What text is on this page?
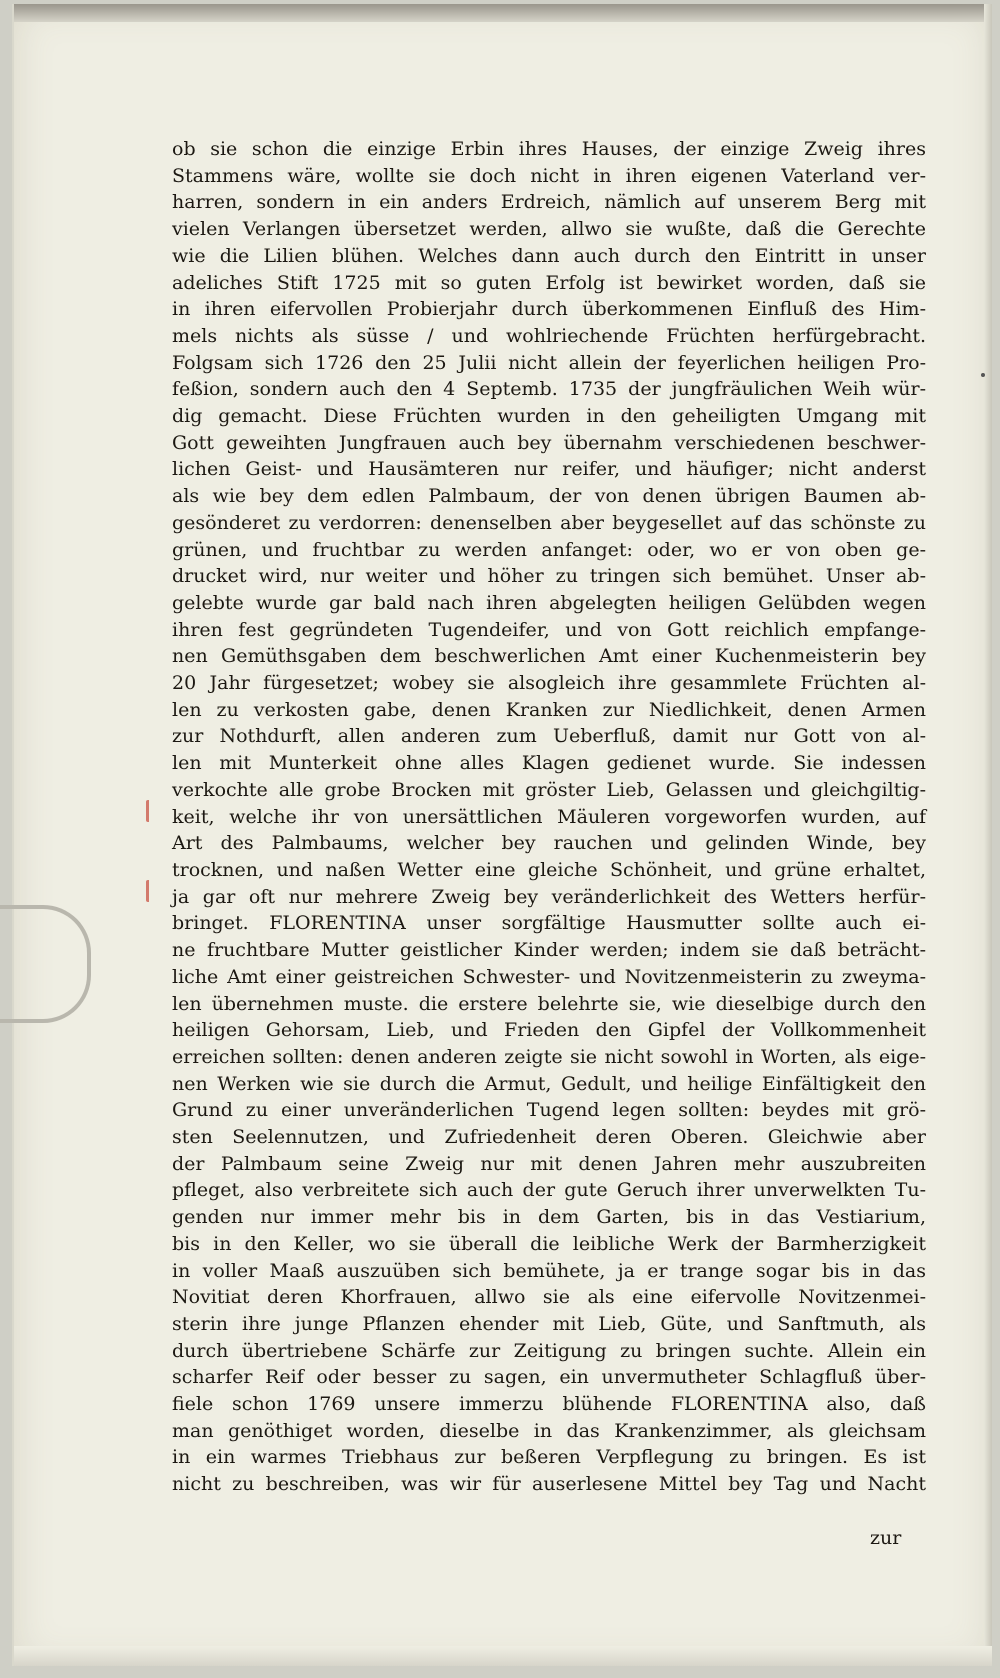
ob sie schon die einzige Erbin ihres Hauses, der einzige Zweig ihres
Stammens wäre, wollte sie doch nicht in ihren eigenen Vaterland ver-
harren, sondern in ein anders Erdreich, nämlich auf unserem Berg mit
vielen Verlangen übersetzet werden, allwo sie wußte, daß die Gerechte
wie die Lilien blühen. Welches dann auch durch den Eintritt in unser
adeliches Stift 1725 mit so guten Erfolg ist bewirket worden, daß sie
in ihren eifervollen Probierjahr durch überkommenen Einfluß des Him-
mels nichts als süsse / und wohlriechende Früchten herfürgebracht.
Folgsam sich 1726 den 25 Julii nicht allein der feyerlichen heiligen Pro-
feßion, sondern auch den 4 Septemb. 1735 der jungfräulichen Weih wür-
dig gemacht. Diese Früchten wurden in den geheiligten Umgang mit
Gott geweihten Jungfrauen auch bey übernahm verschiedenen beschwer-
lichen Geist- und Hausämteren nur reifer, und häufiger; nicht anderst
als wie bey dem edlen Palmbaum, der von denen übrigen Baumen ab-
gesönderet zu verdorren: denenselben aber beygesellet auf das schönste zu
grünen, und fruchtbar zu werden anfanget: oder, wo er von oben ge-
drucket wird, nur weiter und höher zu tringen sich bemühet. Unser ab-
gelebte wurde gar bald nach ihren abgelegten heiligen Gelübden wegen
ihren fest gegründeten Tugendeifer, und von Gott reichlich empfange-
nen Gemüthsgaben dem beschwerlichen Amt einer Kuchenmeisterin bey
20 Jahr fürgesetzet; wobey sie alsogleich ihre gesammlete Früchten al-
len zu verkosten gabe, denen Kranken zur Niedlichkeit, denen Armen
zur Nothdurft, allen anderen zum Ueberfluß, damit nur Gott von al-
len mit Munterkeit ohne alles Klagen gedienet wurde. Sie indessen
verkochte alle grobe Brocken mit gröster Lieb, Gelassen und gleichgiltig-
keit, welche ihr von unersättlichen Mäuleren vorgeworfen wurden, auf
Art des Palmbaums, welcher bey rauchen und gelinden Winde, bey
trocknen, und naßen Wetter eine gleiche Schönheit, und grüne erhaltet,
ja gar oft nur mehrere Zweig bey veränderlichkeit des Wetters herfür-
bringet. FLORENTINA unser sorgfältige Hausmutter sollte auch ei-
ne fruchtbare Mutter geistlicher Kinder werden; indem sie daß beträcht-
liche Amt einer geistreichen Schwester- und Novitzenmeisterin zu zweyma-
len übernehmen muste. die erstere belehrte sie, wie dieselbige durch den
heiligen Gehorsam, Lieb, und Frieden den Gipfel der Vollkommenheit
erreichen sollten: denen anderen zeigte sie nicht sowohl in Worten, als eige-
nen Werken wie sie durch die Armut, Gedult, und heilige Einfältigkeit den
Grund zu einer unveränderlichen Tugend legen sollten: beydes mit grö-
sten Seelennutzen, und Zufriedenheit deren Oberen. Gleichwie aber
der Palmbaum seine Zweig nur mit denen Jahren mehr auszubreiten
pfleget, also verbreitete sich auch der gute Geruch ihrer unverwelkten Tu-
genden nur immer mehr bis in dem Garten, bis in das Vestiarium,
bis in den Keller, wo sie überall die leibliche Werk der Barmherzigkeit
in voller Maaß auszuüben sich bemühete, ja er trange sogar bis in das
Novitiat deren Khorfrauen, allwo sie als eine eifervolle Novitzenmei-
sterin ihre junge Pflanzen ehender mit Lieb, Güte, und Sanftmuth, als
durch übertriebene Schärfe zur Zeitigung zu bringen suchte. Allein ein
scharfer Reif oder besser zu sagen, ein unvermutheter Schlagfluß über-
fiele schon 1769 unsere immerzu blühende FLORENTINA also, daß
man genöthiget worden, dieselbe in das Krankenzimmer, als gleichsam
in ein warmes Triebhaus zur beßeren Verpflegung zu bringen. Es ist
nicht zu beschreiben, was wir für auserlesene Mittel bey Tag und Nacht
zur
